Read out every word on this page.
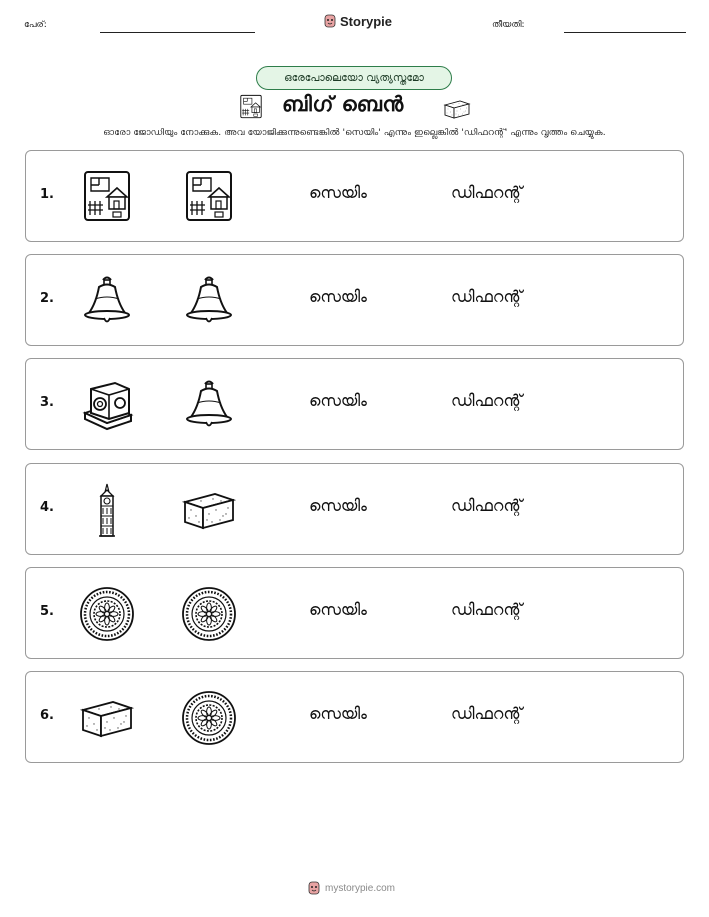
പേര്:	Storypie	തീയതി:
ഒരേപോലെയോ വ്യത്യസ്തമോ
ബിഗ് ബെൻ
ഓരോ ജോഡിയും നോക്കുക. അവ യോജിക്കുന്നുണ്ടെങ്കിൽ 'സെയിം' എന്നും ഇല്ലെങ്കിൽ 'ഡിഫറന്റ്' എന്നും വൃത്തം ചെയ്യുക.
1.	സെയിം	ഡിഫറന്റ്
2.	സെയിം	ഡിഫറന്റ്
3.	സെയിം	ഡിഫറന്റ്
4.	സെയിം	ഡിഫറന്റ്
5.	സെയിം	ഡിഫറന്റ്
6.	സെയിം	ഡിഫറന്റ്
mystorypie.com
